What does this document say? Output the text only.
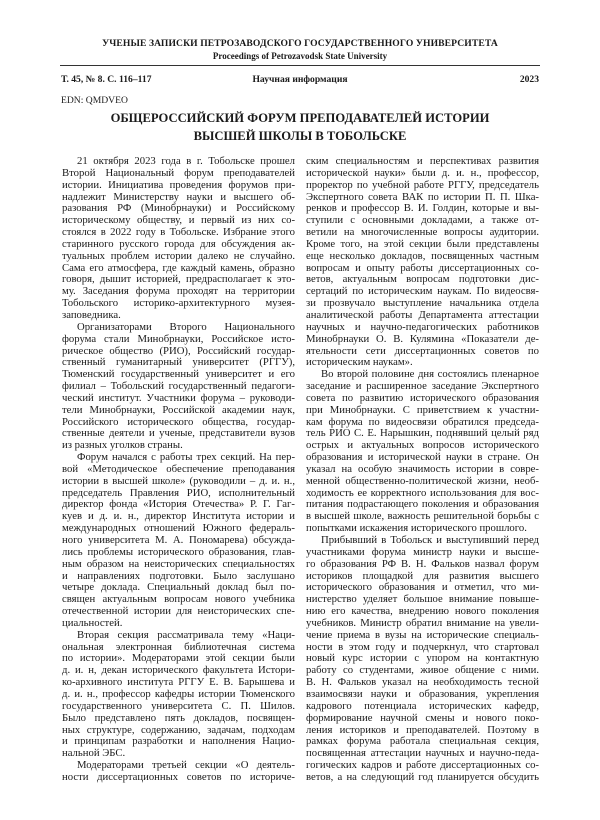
УЧЕНЫЕ ЗАПИСКИ ПЕТРОЗАВОДСКОГО ГОСУДАРСТВЕННОГО УНИВЕРСИТЕТА
Proceedings of Petrozavodsk State University
Научная информация
Т. 45, № 8. С. 116–117	2023
EDN: QMDVEO
ОБЩЕРОССИЙСКИЙ ФОРУМ ПРЕПОДАВАТЕЛЕЙ ИСТОРИИ
ВЫСШЕЙ ШКОЛЫ В ТОБОЛЬСКЕ
21 октября 2023 года в г. Тобольске прошел
Второй Национальный форум преподавателей
истории. Инициатива проведения форумов при-
надлежит Министерству науки и высшего об-
разования РФ (Минобрнауки) и Российскому
историческому обществу, и первый из них со-
стоялся в 2022 году в Тобольске. Избрание этого
старинного русского города для обсуждения ак-
туальных проблем истории далеко не случайно.
Сама его атмосфера, где каждый камень, образно
говоря, дышит историей, предрасполагает к это-
му. Заседания форума проходят на территории
Тобольского историко-архитектурного музея-
заповедника.
Организаторами Второго Национального
форума стали Минобрнауки, Российское исто-
рическое общество (РИО), Российский государ-
ственный гуманитарный университет (РГГУ),
Тюменский государственный университет и его
филиал – Тобольский государственный педагоги-
ческий институт. Участники форума – руководи-
тели Минобрнауки, Российской академии наук,
Российского исторического общества, государ-
ственные деятели и ученые, представители вузов
из разных уголков страны.
Форум начался с работы трех секций. На пер-
вой «Методическое обеспечение преподавания
истории в высшей школе» (руководили – д. и. н.,
председатель Правления РИО, исполнительный
директор фонда «История Отечества» Р. Г. Гаг-
куев и д. и. н., директор Института истории и
международных отношений Южного федераль-
ного университета М. А. Пономарева) обсужда-
лись проблемы исторического образования, глав-
ным образом на неисторических специальностях
и направлениях подготовки. Было заслушано
четыре доклада. Специальный доклад был по-
священ актуальным вопросам нового учебника
отечественной истории для неисторических спе-
циальностей.
Вторая секция рассматривала тему «Наци-
ональная электронная библиотечная система
по истории». Модераторами этой секции были
д. и. н, декан исторического факультета Истори-
ко-архивного института РГГУ Е. В. Барышева и
д. и. н., профессор кафедры истории Тюменского
государственного университета С. П. Шилов.
Было представлено пять докладов, посвящен-
ных структуре, содержанию, задачам, подходам
и принципам разработки и наполнения Нацио-
нальной ЭБС.
Модераторами третьей секции «О деятель-
ности диссертационных советов по историче-
ским специальностям и перспективах развития
исторической науки» были д. и. н., профессор,
проректор по учебной работе РГГУ, председатель
Экспертного совета ВАК по истории П. П. Шка-
ренков и профессор В. И. Голдин, которые и вы-
ступили с основными докладами, а также от-
ветили на многочисленные вопросы аудитории.
Кроме того, на этой секции были представлены
еще несколько докладов, посвященных частным
вопросам и опыту работы диссертационных со-
ветов, актуальным вопросам подготовки дис-
сертаций по историческим наукам. По видеосвя-
зи прозвучало выступление начальника отдела
аналитической работы Департамента аттестации
научных и научно-педагогических работников
Минобрнауки О. В. Кулямина «Показатели де-
ятельности сети диссертационных советов по
историческим наукам».
Во второй половине дня состоялись пленарное
заседание и расширенное заседание Экспертного
совета по развитию исторического образования
при Минобрнауки. С приветствием к участни-
кам форума по видеосвязи обратился председа-
тель РИО С. Е. Нарышкин, поднявший целый ряд
острых и актуальных вопросов исторического
образования и исторической науки в стране. Он
указал на особую значимость истории в совре-
менной общественно-политической жизни, необ-
ходимость ее корректного использования для вос-
питания подрастающего поколения и образования
в высшей школе, важность решительной борьбы с
попытками искажения исторического прошлого.
Прибывший в Тобольск и выступивший перед
участниками форума министр науки и высше-
го образования РФ В. Н. Фальков назвал форум
историков площадкой для развития высшего
исторического образования и отметил, что ми-
нистерство уделяет большое внимание повыше-
нию его качества, внедрению нового поколения
учебников. Министр обратил внимание на увели-
чение приема в вузы на исторические специаль-
ности в этом году и подчеркнул, что стартовал
новый курс истории с упором на контактную
работу со студентами, живое общение с ними.
В. Н. Фальков указал на необходимость тесной
взаимосвязи науки и образования, укрепления
кадрового потенциала исторических кафедр,
формирование научной смены и нового поко-
ления историков и преподавателей. Поэтому в
рамках форума работала специальная секция,
посвященная аттестации научных и научно-педа-
гогических кадров и работе диссертационных со-
ветов, а на следующий год планируется обсудить
